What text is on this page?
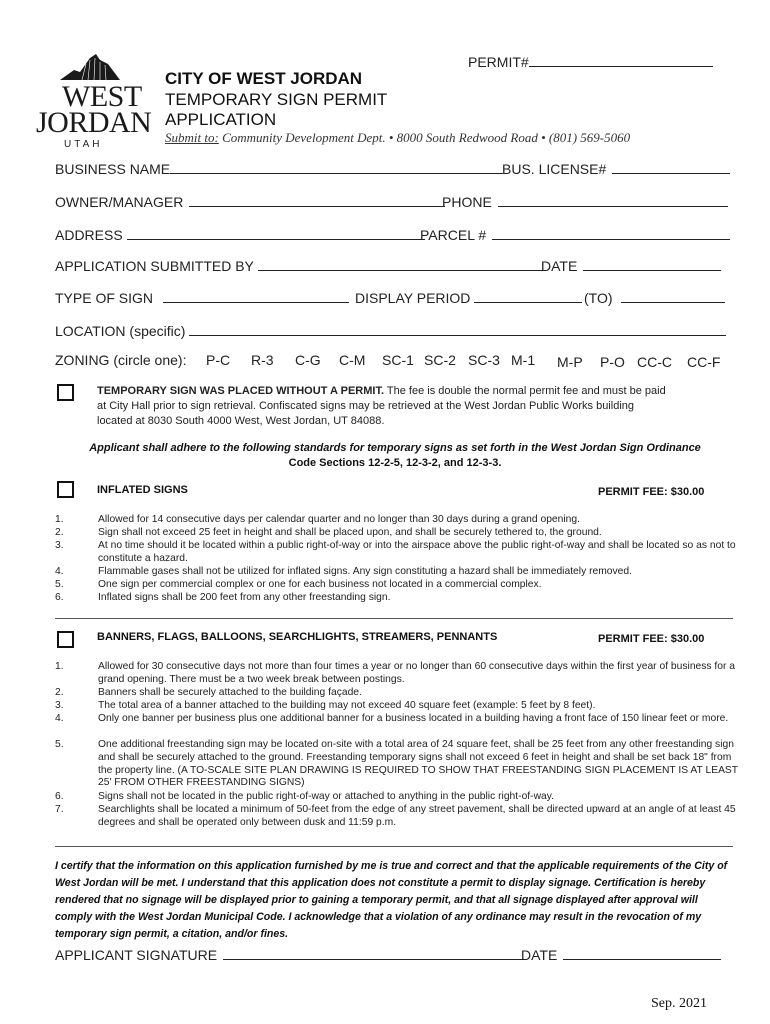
PERMIT#
WEST
JORDAN
UTAH
CITY OF WEST JORDAN
TEMPORARY SIGN PERMIT
APPLICATION
Submit to: Community Development Dept. • 8000 South Redwood Road • (801) 569-5060
BUSINESS NAME	BUS. LICENSE#
OWNER/MANAGER	PHONE
ADDRESS	PARCEL #
APPLICATION SUBMITTED BY	DATE
TYPE OF SIGN	DISPLAY PERIOD	(TO)
LOCATION (specific)
ZONING (circle one): P-C R-3 C-G C-M SC-1 SC-2 SC-3 M-1 M-P P-O CC-C CC-F
TEMPORARY SIGN WAS PLACED WITHOUT A PERMIT. The fee is double the normal permit fee and must be paid
at City Hall prior to sign retrieval. Confiscated signs may be retrieved at the West Jordan Public Works building
located at 8030 South 4000 West, West Jordan, UT 84088.
Applicant shall adhere to the following standards for temporary signs as set forth in the West Jordan Sign Ordinance
Code Sections 12-2-5, 12-3-2, and 12-3-3.
INFLATED SIGNS	PERMIT FEE: $30.00
1.	Allowed for 14 consecutive days per calendar quarter and no longer than 30 days during a grand opening.
2.	Sign shall not exceed 25 feet in height and shall be placed upon, and shall be securely tethered to, the ground.
3.	At no time should it be located within a public right-of-way or into the airspace above the public right-of-way and shall be located so as not to constitute a hazard.
4.	Flammable gases shall not be utilized for inflated signs. Any sign constituting a hazard shall be immediately removed.
5.	One sign per commercial complex or one for each business not located in a commercial complex.
6.	Inflated signs shall be 200 feet from any other freestanding sign.
BANNERS, FLAGS, BALLOONS, SEARCHLIGHTS, STREAMERS, PENNANTS	PERMIT FEE: $30.00
1.	Allowed for 30 consecutive days not more than four times a year or no longer than 60 consecutive days within the first year of business for a grand opening. There must be a two week break between postings.
2.	Banners shall be securely attached to the building façade.
3.	The total area of a banner attached to the building may not exceed 40 square feet (example: 5 feet by 8 feet).
4.	Only one banner per business plus one additional banner for a business located in a building having a front face of 150 linear feet or more.
5.	One additional freestanding sign may be located on-site with a total area of 24 square feet, shall be 25 feet from any other freestanding sign and shall be securely attached to the ground. Freestanding temporary signs shall not exceed 6 feet in height and shall be set back 18" from the property line. (A TO-SCALE SITE PLAN DRAWING IS REQUIRED TO SHOW THAT FREESTANDING SIGN PLACEMENT IS AT LEAST 25' FROM OTHER FREESTANDING SIGNS)
6.	Signs shall not be located in the public right-of-way or attached to anything in the public right-of-way.
7.	Searchlights shall be located a minimum of 50-feet from the edge of any street pavement, shall be directed upward at an angle of at least 45 degrees and shall be operated only between dusk and 11:59 p.m.
I certify that the information on this application furnished by me is true and correct and that the applicable requirements of the City of West Jordan will be met. I understand that this application does not constitute a permit to display signage. Certification is hereby rendered that no signage will be displayed prior to gaining a temporary permit, and that all signage displayed after approval will comply with the West Jordan Municipal Code. I acknowledge that a violation of any ordinance may result in the revocation of my temporary sign permit, a citation, and/or fines.
APPLICANT SIGNATURE	DATE
Sep. 2021
